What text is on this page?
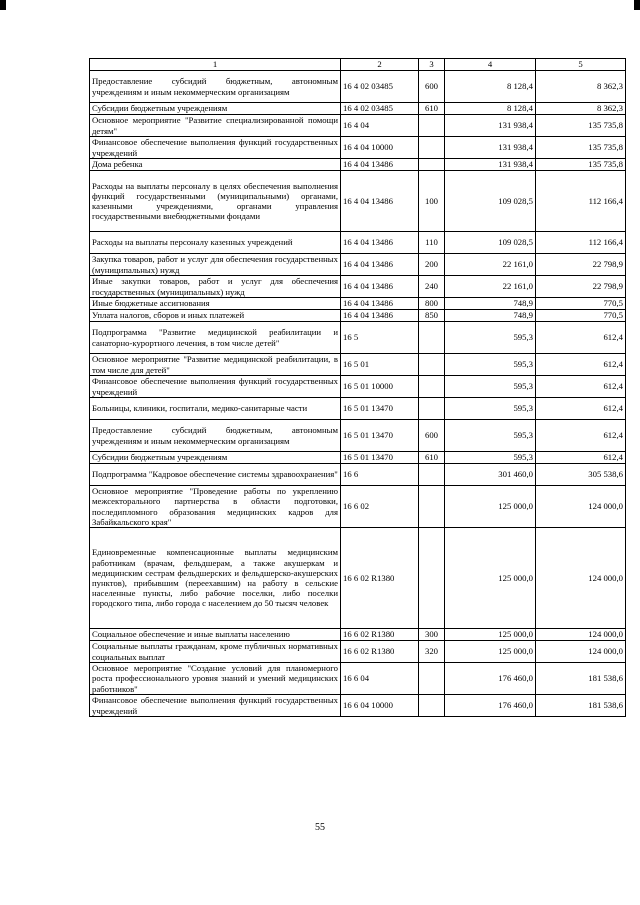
1	2	3	4	5
Предоставление субсидий бюджетным, автономным учреждениям и иным некоммерческим организациям	16 4 02 03485	600	8 128,4	8 362,3
Субсидии бюджетным учреждениям	16 4 02 03485	610	8 128,4	8 362,3
Основное мероприятие "Развитие специализированной помощи детям"	16 4 04		131 938,4	135 735,8
Финансовое обеспечение выполнения функций государственных учреждений	16 4 04 10000		131 938,4	135 735,8
Дома ребенка	16 4 04 13486		131 938,4	135 735,8
Расходы на выплаты персоналу в целях обеспечения выполнения функций государственными (муниципальными) органами, казенными учреждениями, органами управления государственными внебюджетными фондами	16 4 04 13486	100	109 028,5	112 166,4
Расходы на выплаты персоналу казенных учреждений	16 4 04 13486	110	109 028,5	112 166,4
Закупка товаров, работ и услуг для обеспечения государственных (муниципальных) нужд	16 4 04 13486	200	22 161,0	22 798,9
Иные закупки товаров, работ и услуг для обеспечения государственных (муниципальных) нужд	16 4 04 13486	240	22 161,0	22 798,9
Иные бюджетные ассигнования	16 4 04 13486	800	748,9	770,5
Уплата налогов, сборов и иных платежей	16 4 04 13486	850	748,9	770,5
Подпрограмма "Развитие медицинской реабилитации и санаторно-курортного лечения, в том числе детей"	16 5		595,3	612,4
Основное мероприятие "Развитие медицинской реабилитации, в том числе для детей"	16 5 01		595,3	612,4
Финансовое обеспечение выполнения функций государственных учреждений	16 5 01 10000		595,3	612,4
Больницы, клиники, госпитали, медико-санитарные части	16 5 01 13470		595,3	612,4
Предоставление субсидий бюджетным, автономным учреждениям и иным некоммерческим организациям	16 5 01 13470	600	595,3	612,4
Субсидии бюджетным учреждениям	16 5 01 13470	610	595,3	612,4
Подпрограмма "Кадровое обеспечение системы здравоохранения"	16 6		301 460,0	305 538,6
Основное мероприятие "Проведение работы по укреплению межсекторального партнерства в области подготовки, последипломного образования медицинских кадров для Забайкальского края"	16 6 02		125 000,0	124 000,0
Единовременные компенсационные выплаты медицинским работникам (врачам, фельдшерам, а также акушеркам и медицинским сестрам фельдшерских и фельдшерско-акушерских пунктов), прибывшим (переехавшим) на работу в сельские населенные пункты, либо рабочие поселки, либо поселки городского типа, либо города с населением до 50 тысяч человек	16 6 02 R1380		125 000,0	124 000,0
Социальное обеспечение и иные выплаты населению	16 6 02 R1380	300	125 000,0	124 000,0
Социальные выплаты гражданам, кроме публичных нормативных социальных выплат	16 6 02 R1380	320	125 000,0	124 000,0
Основное мероприятие "Создание условий для планомерного роста профессионального уровня знаний и умений медицинских работников"	16 6 04		176 460,0	181 538,6
Финансовое обеспечение выполнения функций государственных учреждений	16 6 04 10000		176 460,0	181 538,6
55
